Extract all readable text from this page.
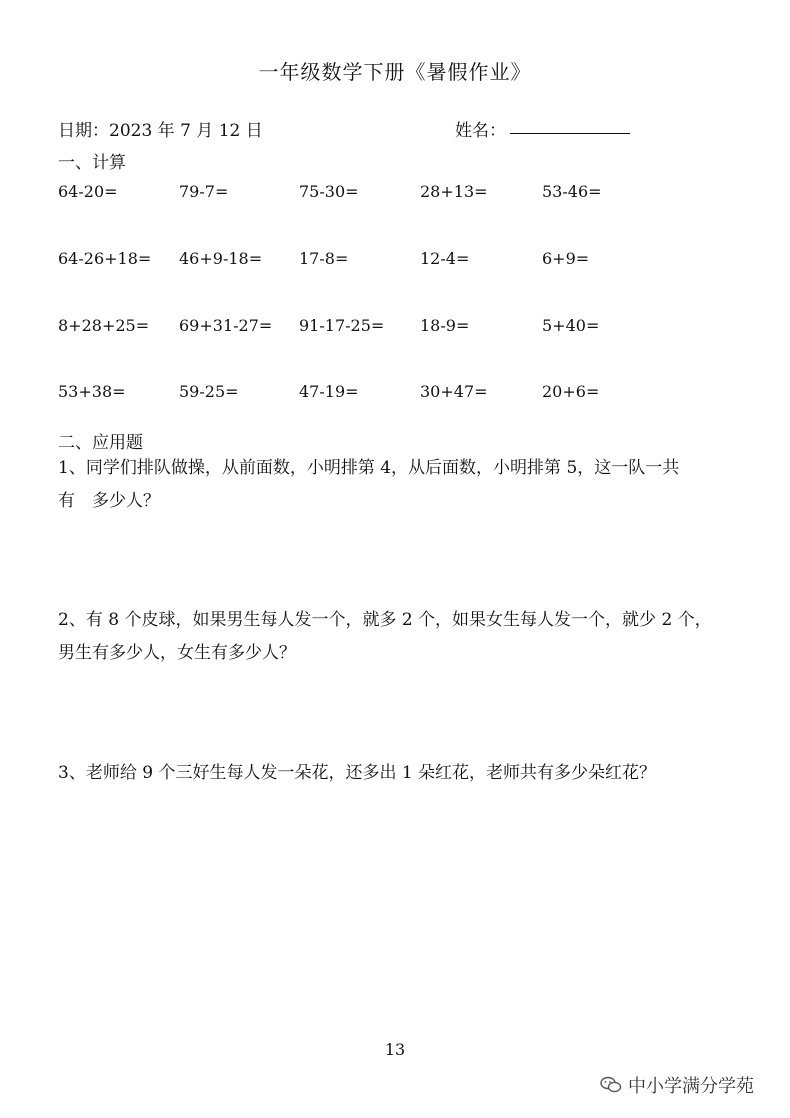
一年级数学下册《暑假作业》
日期：2023 年 7 月 12 日	姓名：
一、计算
64-20=	79-7=	75-30=	28+13=	53-46=
64-26+18= 46+9-18= 17-8=	12-4=	6+9=
8+28+25= 69+31-27= 91-17-25= 18-9=	5+40=
53+38=	59-25=	47-19=	30+47=	20+6=
二、应用题
1、同学们排队做操，从前面数，小明排第 4，从后面数，小明排第 5，这一队一共
有　多少人？
2、有 8 个皮球，如果男生每人发一个，就多 2 个，如果女生每人发一个，就少 2 个，
男生有多少人，女生有多少人？
3、老师给 9 个三好生每人发一朵花，还多出 1 朵红花，老师共有多少朵红花？
13
中小学满分学苑
